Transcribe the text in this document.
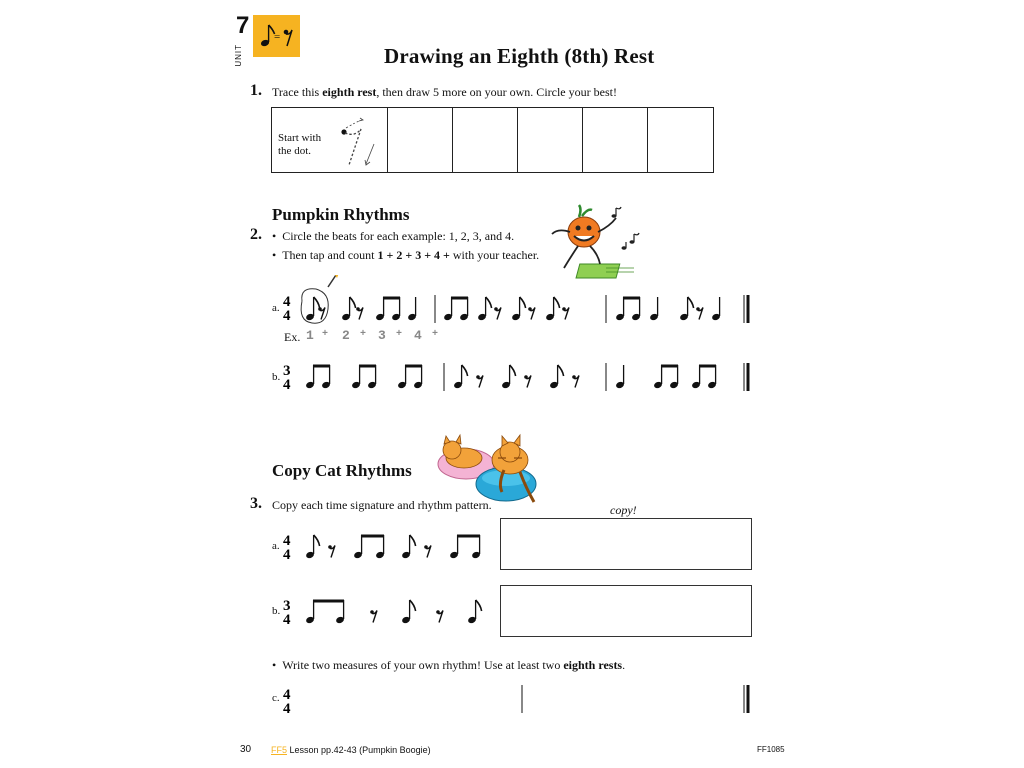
7
UNIT
=
Drawing an Eighth (8th) Rest
1. Trace this eighth rest, then draw 5 more on your own. Circle your best!
Start with
the dot.
Pumpkin Rhythms
2. •  Circle the beats for each example: 1, 2, 3, and 4.
•  Then tap and count 1 + 2 + 3 + 4 + with your teacher.
a. 4
4
Ex. 1 + 2 + 3 + 4 +
b. 3
4
Copy Cat Rhythms
3. Copy each time signature and rhythm pattern.	copy!
a. 4
4
b. 3
4
•  Write two measures of your own rhythm! Use at least two eighth rests.
c. 4
4
30 FF5 Lesson pp.42-43 (Pumpkin Boogie)	FF1085
